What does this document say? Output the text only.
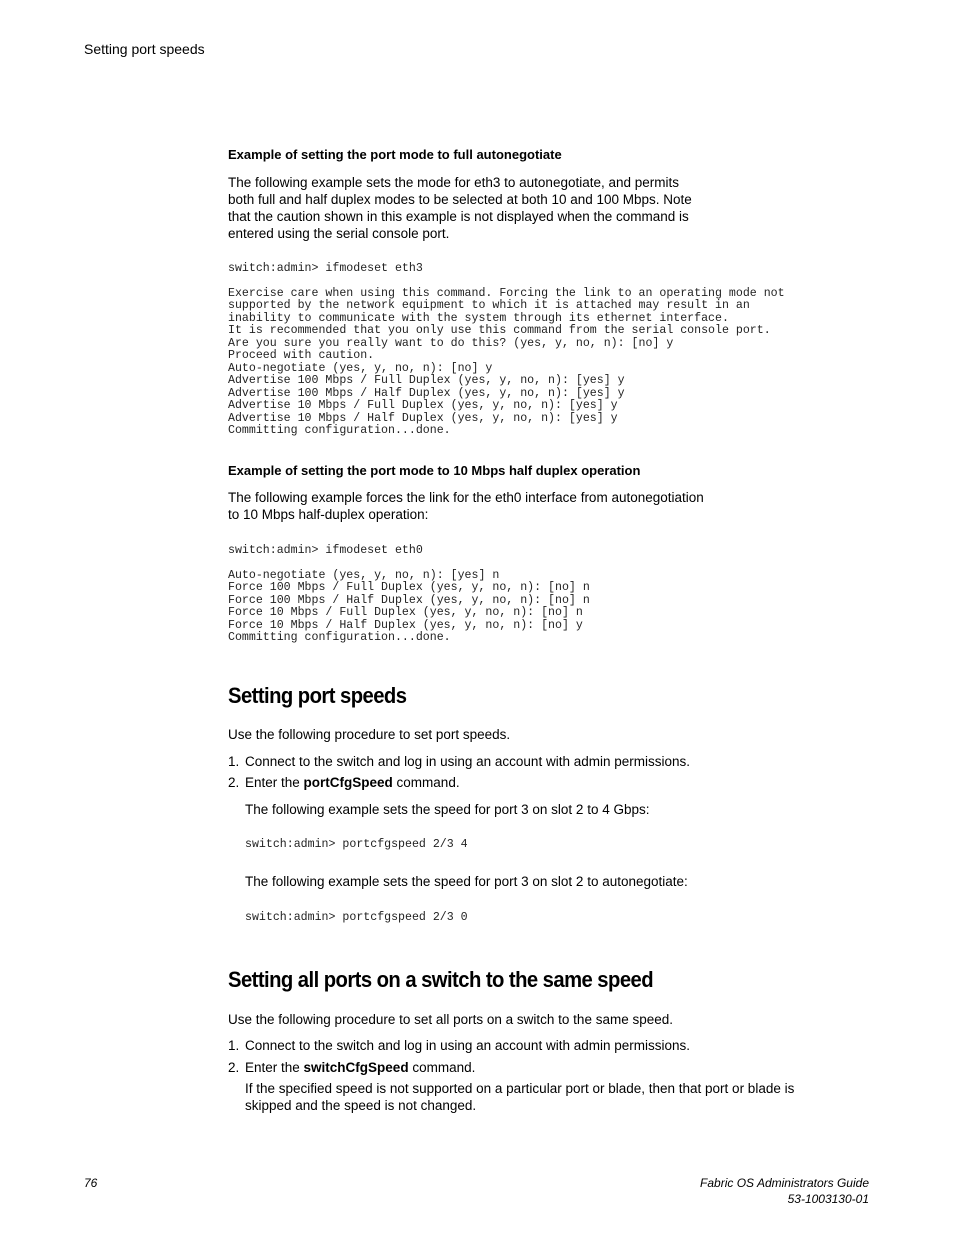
Setting port speeds
Example of setting the port mode to full autonegotiate

The following example sets the mode for eth3 to autonegotiate, and permits
both full and half duplex modes to be selected at both 10 and 100 Mbps. Note
that the caution shown in this example is not displayed when the command is
entered using the serial console port.

switch:admin> ifmodeset eth3
Exercise care when using this command. Forcing the link to an operating mode not
supported by the network equipment to which it is attached may result in an
inability to communicate with the system through its ethernet interface.
It is recommended that you only use this command from the serial console port.
Are you sure you really want to do this? (yes, y, no, n): [no] y
Proceed with caution.
Auto-negotiate (yes, y, no, n): [no] y
Advertise 100 Mbps / Full Duplex (yes, y, no, n): [yes] y
Advertise 100 Mbps / Half Duplex (yes, y, no, n): [yes] y
Advertise 10 Mbps / Full Duplex (yes, y, no, n): [yes] y
Advertise 10 Mbps / Half Duplex (yes, y, no, n): [yes] y
Committing configuration...done.
Example of setting the port mode to 10 Mbps half duplex operation

The following example forces the link for the eth0 interface from autonegotiation
to 10 Mbps half-duplex operation:

switch:admin> ifmodeset eth0
Auto-negotiate (yes, y, no, n): [yes] n
Force 100 Mbps / Full Duplex (yes, y, no, n): [no] n
Force 100 Mbps / Half Duplex (yes, y, no, n): [no] n
Force 10 Mbps / Full Duplex (yes, y, no, n): [no] n
Force 10 Mbps / Half Duplex (yes, y, no, n): [no] y
Committing configuration...done.
Setting port speeds
Use the following procedure to set port speeds.
1. Connect to the switch and log in using an account with admin permissions.
2. Enter the portCfgSpeed command.
The following example sets the speed for port 3 on slot 2 to 4 Gbps:
switch:admin> portcfgspeed 2/3 4
The following example sets the speed for port 3 on slot 2 to autonegotiate:
switch:admin> portcfgspeed 2/3 0
Setting all ports on a switch to the same speed
Use the following procedure to set all ports on a switch to the same speed.
1. Connect to the switch and log in using an account with admin permissions.
2. Enter the switchCfgSpeed command.

If the specified speed is not supported on a particular port or blade, then that port or blade is
skipped and the speed is not changed.

76	Fabric OS Administrators Guide
53-1003130-01
